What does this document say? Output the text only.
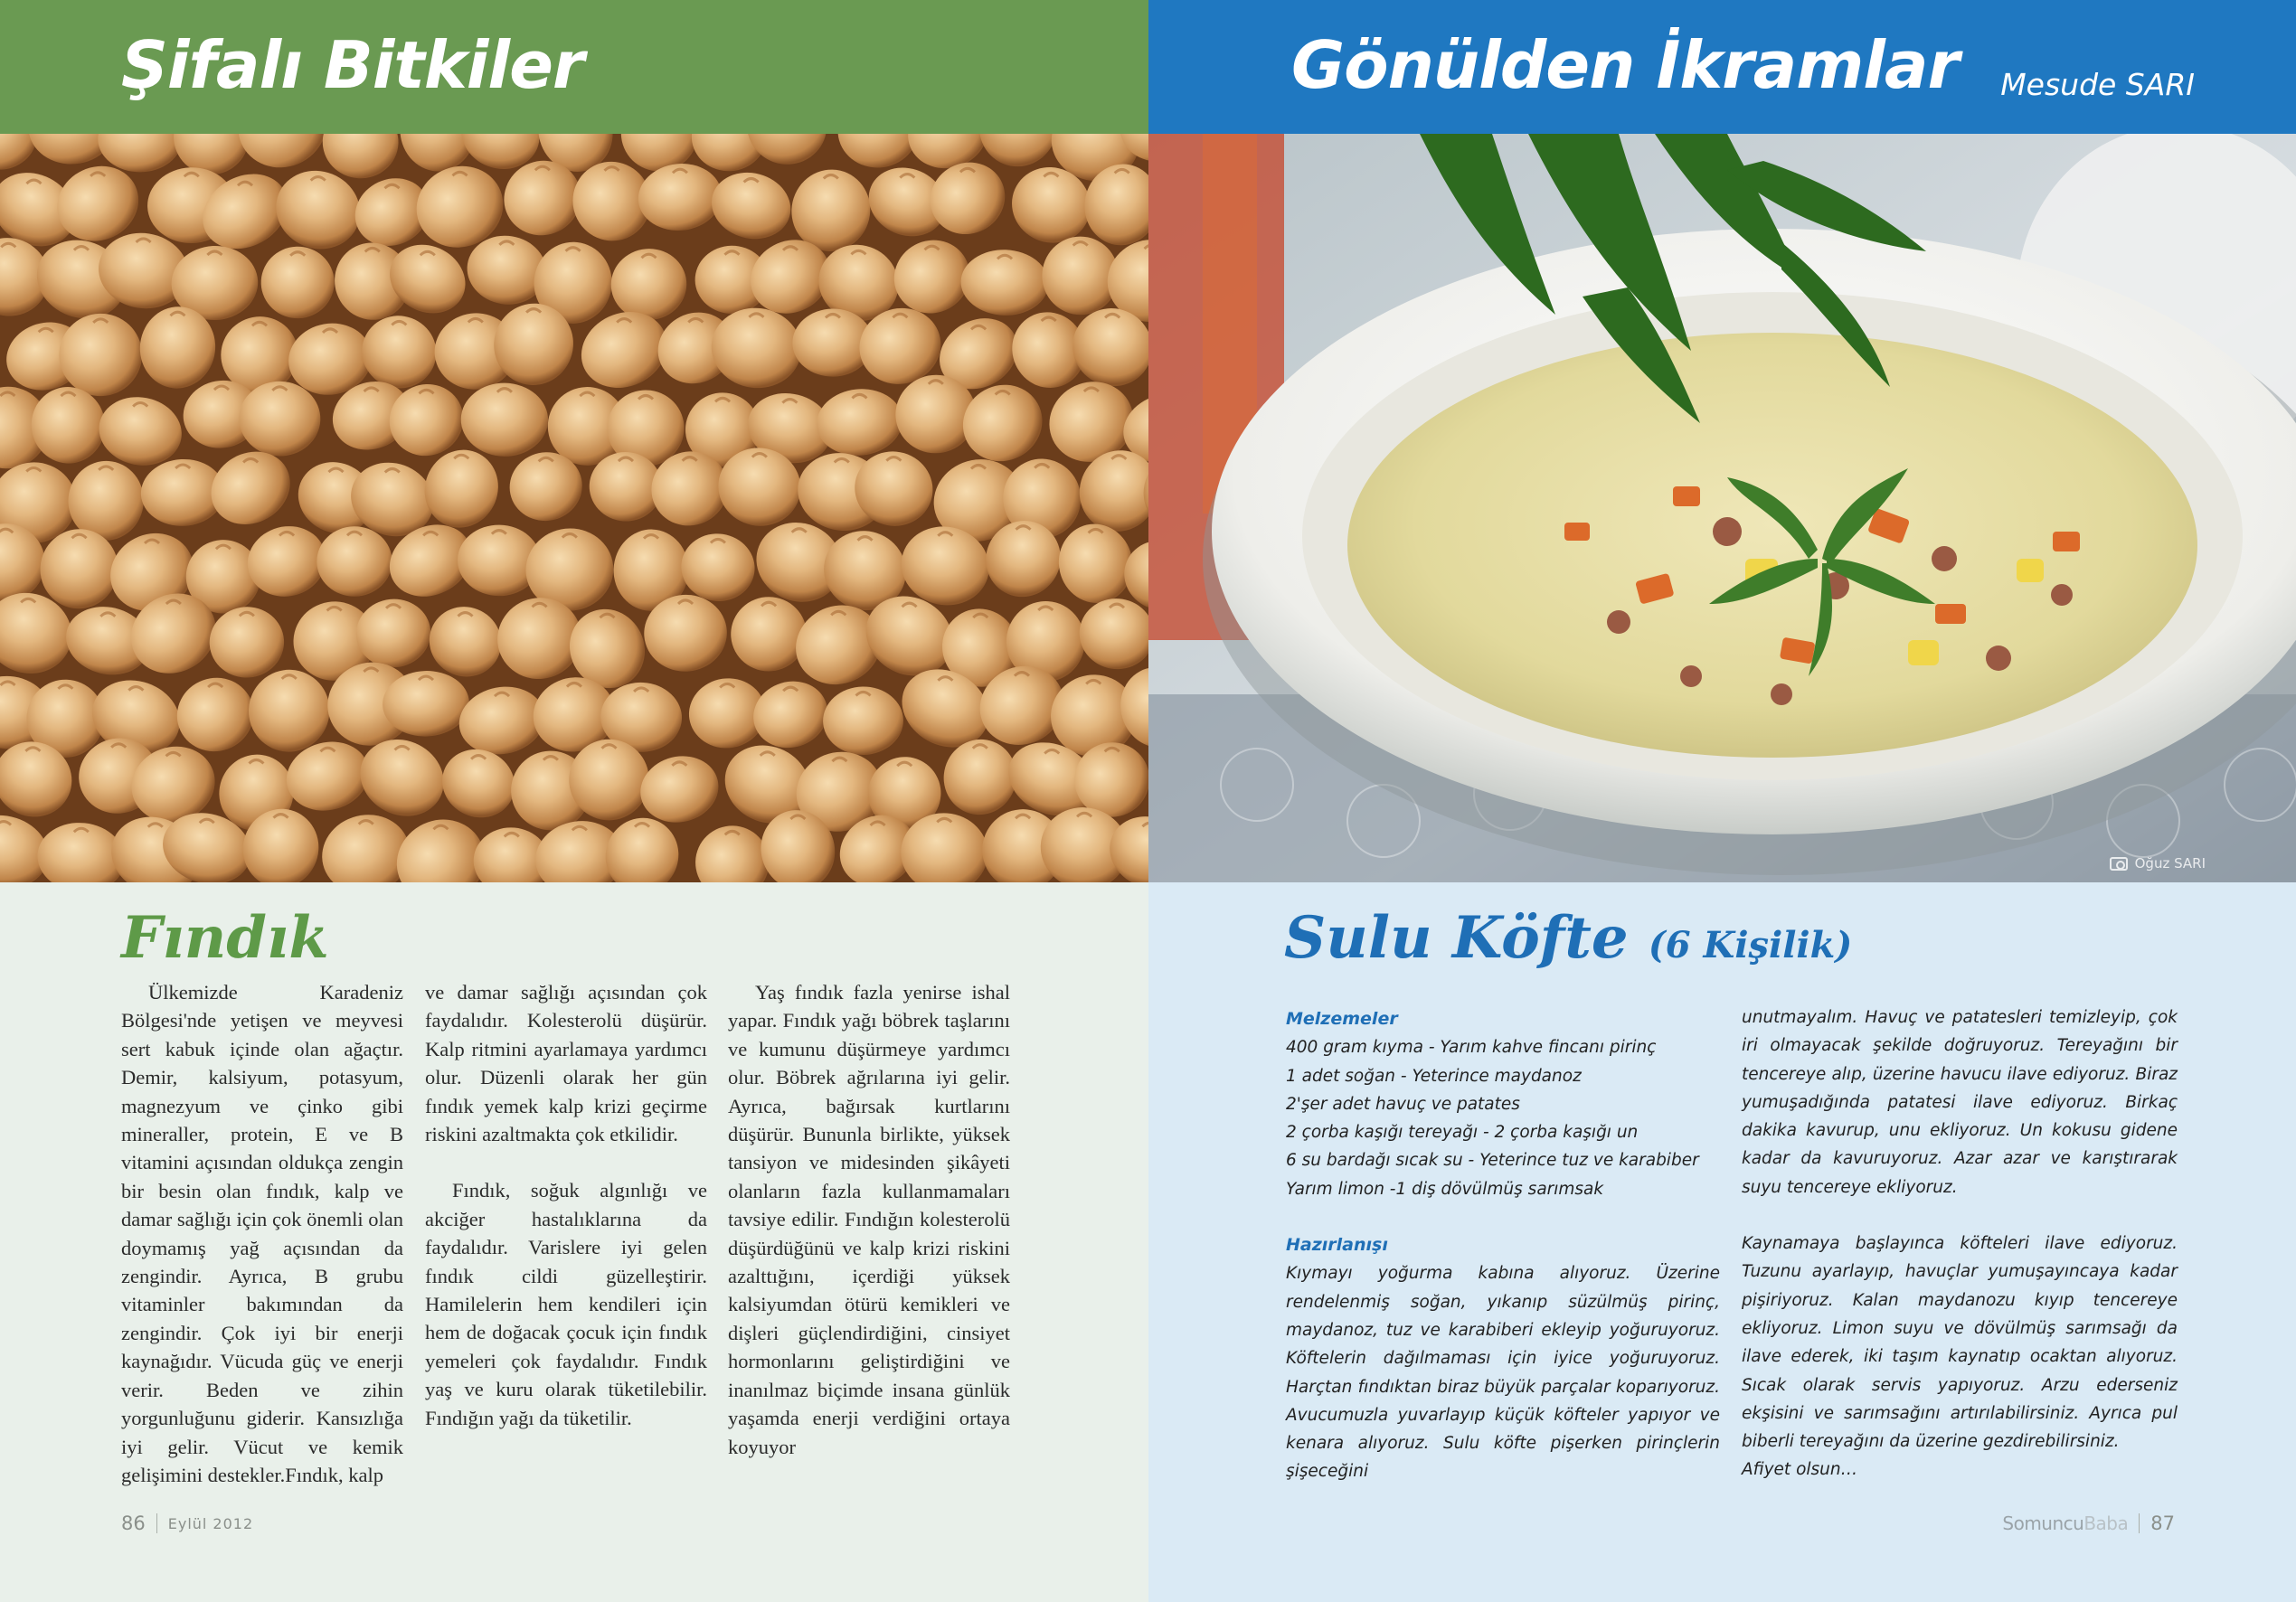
Şifalı Bitkiler
Fındık

Ülkemizde Karadeniz Bölgesi'nde yetişen ve meyvesi sert kabuk içinde olan ağaçtır. Demir, kalsiyum, potasyum, magnezyum ve çinko gibi mineraller, protein, E ve B vitamini açısından oldukça zengin bir besin olan fındık, kalp ve damar sağlığı için çok önemli olan doymamış yağ açısından da zengindir. Ayrıca, B grubu vitaminler bakımından da zengindir. Çok iyi bir enerji kaynağıdır. Vücuda güç ve enerji verir. Beden ve zihin yorgunluğunu giderir. Kansızlığa iyi gelir. Vücut ve kemik gelişimini destekler.Fındık, kalp

ve damar sağlığı açısından çok faydalıdır. Kolesterolü düşürür. Kalp ritmini ayarlamaya yardımcı olur. Düzenli olarak her gün fındık yemek kalp krizi geçirme riskini azaltmakta çok etkilidir.

Fındık, soğuk algınlığı ve akciğer hastalıklarına da faydalıdır. Varislere iyi gelen fındık cildi güzelleştirir. Hamilelerin hem kendileri için hem de doğacak çocuk için fındık yemeleri çok faydalıdır. Fındık yaş ve kuru olarak tüketilebilir. Fındığın yağı da tüketilir.

Yaş fındık fazla yenirse ishal yapar. Fındık yağı böbrek taşlarını ve kumunu düşürmeye yardımcı olur. Böbrek ağrılarına iyi gelir. Ayrıca, bağırsak kurtlarını düşürür. Bununla birlikte, yüksek tansiyon ve midesinden şikâyeti olanların fazla kullanmamaları tavsiye edilir. Fındığın kolesterolü düşürdüğünü ve kalp krizi riskini azalttığını, içerdiği yüksek kalsiyumdan ötürü kemikleri ve dişleri güçlendirdiğini, cinsiyet hormonlarını geliştirdiğini ve inanılmaz biçimde insana günlük yaşamda enerji verdiğini ortaya koyuyor

86 Eylül 2012
Gönülden İkramlar Mesude SARI
Oğuz SARI
Sulu Köfte (6 Kişilik)
Melzemeler
400 gram kıyma - Yarım kahve fincanı pirinç
1 adet soğan - Yeterince maydanoz
2'şer adet havuç ve patates
2 çorba kaşığı tereyağı - 2 çorba kaşığı un
6 su bardağı sıcak su - Yeterince tuz ve karabiber
Yarım limon -1 diş dövülmüş sarımsak
Hazırlanışı
Kıymayı yoğurma kabına alıyoruz. Üzerine rendelenmiş soğan, yıkanıp süzülmüş pirinç, maydanoz, tuz ve karabiberi ekleyip yoğuruyoruz. Köftelerin dağılmaması için iyice yoğuruyoruz. Harçtan fındıktan biraz büyük parçalar koparıyoruz. Avucumuzla yuvarlayıp küçük köfteler yapıyor ve kenara alıyoruz. Sulu köfte pişerken pirinçlerin şişeceğini
unutmayalım. Havuç ve patatesleri temizleyip, çok iri olmayacak şekilde doğruyoruz. Tereyağını bir tencereye alıp, üzerine havucu ilave ediyoruz. Biraz yumuşadığında patatesi ilave ediyoruz. Birkaç dakika kavurup, unu ekliyoruz. Un kokusu gidene kadar da kavuruyoruz. Azar azar ve karıştırarak suyu tencereye ekliyoruz.
Kaynamaya başlayınca köfteleri ilave ediyoruz. Tuzunu ayarlayıp, havuçlar yumuşayıncaya kadar pişiriyoruz. Kalan maydanozu kıyıp tencereye ekliyoruz. Limon suyu ve dövülmüş sarımsağı da ilave ederek, iki taşım kaynatıp ocaktan alıyoruz. Sıcak olarak servis yapıyoruz. Arzu ederseniz ekşisini ve sarımsağını artırılabilirsiniz. Ayrıca pul biberli tereyağını da üzerine gezdirebilirsiniz.
Afiyet olsun…
SomuncuBaba 87
